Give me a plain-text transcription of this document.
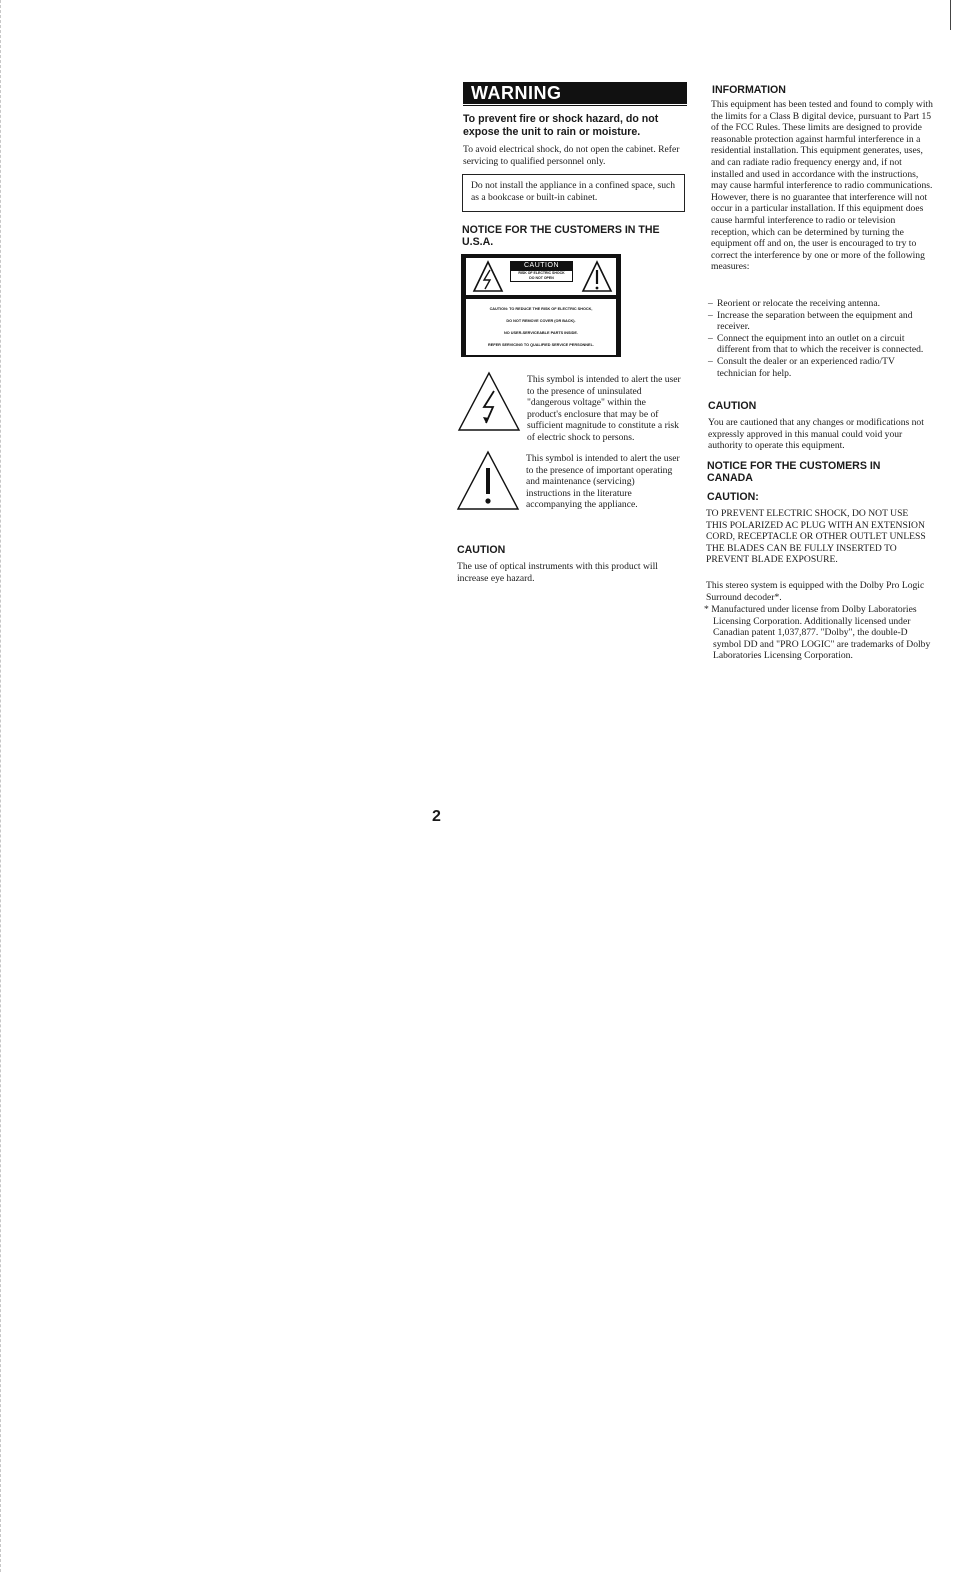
WARNING
To prevent fire or shock hazard, do not expose the unit to rain or moisture.
To avoid electrical shock, do not open the cabinet. Refer servicing to qualified personnel only.
Do not install the appliance in a confined space, such as a bookcase or built-in cabinet.
NOTICE FOR THE CUSTOMERS IN THE U.S.A.
CAUTION: TO REDUCE THE RISK OF ELECTRIC SHOCK,
DO NOT REMOVE COVER (OR BACK).
NO USER-SERVICEABLE PARTS INSIDE.
REFER SERVICING TO QUALIFIED SERVICE PERSONNEL.
CAUTION
RISK OF ELECTRIC SHOCK
DO NOT OPEN
This symbol is intended to alert the user to the presence of uninsulated "dangerous voltage" within the product's enclosure that may be of sufficient magnitude to constitute a risk of electric shock to persons.
This symbol is intended to alert the user to the presence of important operating and maintenance (servicing) instructions in the literature accompanying the appliance.
CAUTION
The use of optical instruments with this product will increase eye hazard.
INFORMATION
This equipment has been tested and found to comply with the limits for a Class B digital device, pursuant to Part 15 of the FCC Rules. These limits are designed to provide reasonable protection against harmful interference in a residential installation. This equipment generates, uses, and can radiate radio frequency energy and, if not installed and used in accordance with the instructions, may cause harmful interference to radio communications. However, there is no guarantee that interference will not occur in a particular installation. If this equipment does cause harmful interference to radio or television reception, which can be determined by turning the equipment off and on, the user is encouraged to try to correct the interference by one or more of the following measures:
– Reorient or relocate the receiving antenna.
– Increase the separation between the equipment and receiver.
– Connect the equipment into an outlet on a circuit different from that to which the receiver is connected.
– Consult the dealer or an experienced radio/TV technician for help.
CAUTION
You are cautioned that any changes or modifications not expressly approved in this manual could void your authority to operate this equipment.
NOTICE FOR THE CUSTOMERS IN CANADA
CAUTION:
TO PREVENT ELECTRIC SHOCK, DO NOT USE THIS POLARIZED AC PLUG WITH AN EXTENSION CORD, RECEPTACLE OR OTHER OUTLET UNLESS THE BLADES CAN BE FULLY INSERTED TO PREVENT BLADE EXPOSURE.
This stereo system is equipped with the Dolby Pro Logic Surround decoder*.
* Manufactured under license from Dolby Laboratories Licensing Corporation. Additionally licensed under Canadian patent 1,037,877. "Dolby", the double-D symbol DD and "PRO LOGIC" are trademarks of Dolby Laboratories Licensing Corporation.
2
